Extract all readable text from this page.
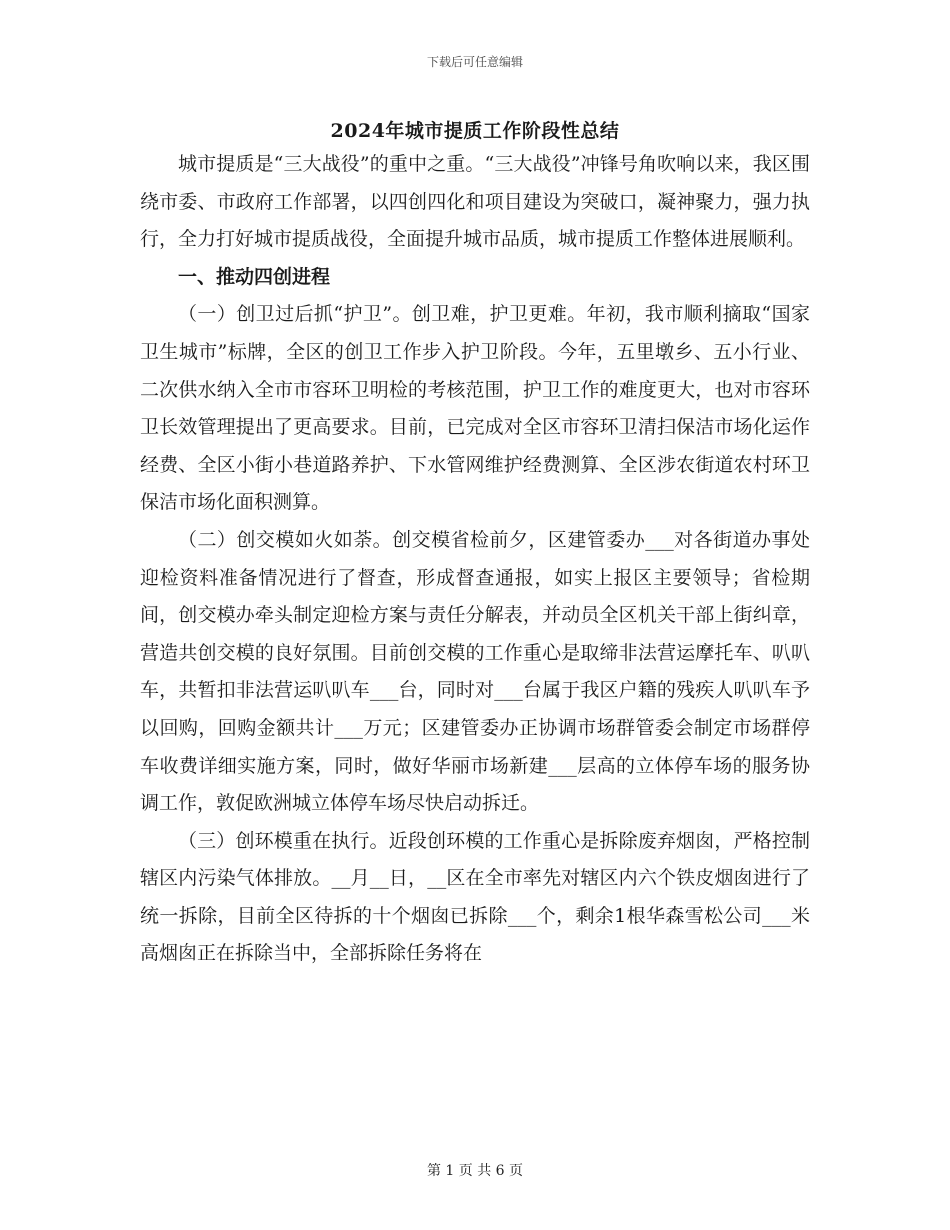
下载后可任意编辑
2024年城市提质工作阶段性总结

城市提质是“三大战役”的重中之重。“三大战役”冲锋号角吹响以来，我区围绕市委、市政府工作部署，以四创四化和项目建设为突破口，凝神聚力，强力执行，全力打好城市提质战役，全面提升城市品质，城市提质工作整体进展顺利。

一、推动四创进程

（一）创卫过后抓“护卫”。创卫难，护卫更难。年初，我市顺利摘取“国家卫生城市”标牌，全区的创卫工作步入护卫阶段。今年，五里墩乡、五小行业、二次供水纳入全市市容环卫明检的考核范围，护卫工作的难度更大，也对市容环卫长效管理提出了更高要求。目前，已完成对全区市容环卫清扫保洁市场化运作经费、全区小街小巷道路养护、下水管网维护经费测算、全区涉农街道农村环卫保洁市场化面积测算。

（二）创交模如火如荼。创交模省检前夕，区建管委办___对各街道办事处迎检资料准备情况进行了督查，形成督查通报，如实上报区主要领导；省检期间，创交模办牵头制定迎检方案与责任分解表，并动员全区机关干部上街纠章，营造共创交模的良好氛围。目前创交模的工作重心是取缔非法营运摩托车、叭叭车，共暂扣非法营运叭叭车___台，同时对___台属于我区户籍的残疾人叭叭车予以回购，回购金额共计___万元；区建管委办正协调市场群管委会制定市场群停车收费详细实施方案，同时，做好华丽市场新建___层高的立体停车场的服务协调工作，敦促欧洲城立体停车场尽快启动拆迁。

（三）创环模重在执行。近段创环模的工作重心是拆除废弃烟囱，严格控制辖区内污染气体排放。__月__日，__区在全市率先对辖区内六个铁皮烟囱进行了统一拆除，目前全区待拆的十个烟囱已拆除___个，剩余1根华森雪松公司___米高烟囱正在拆除当中，全部拆除任务将在

第 1 页 共 6 页
